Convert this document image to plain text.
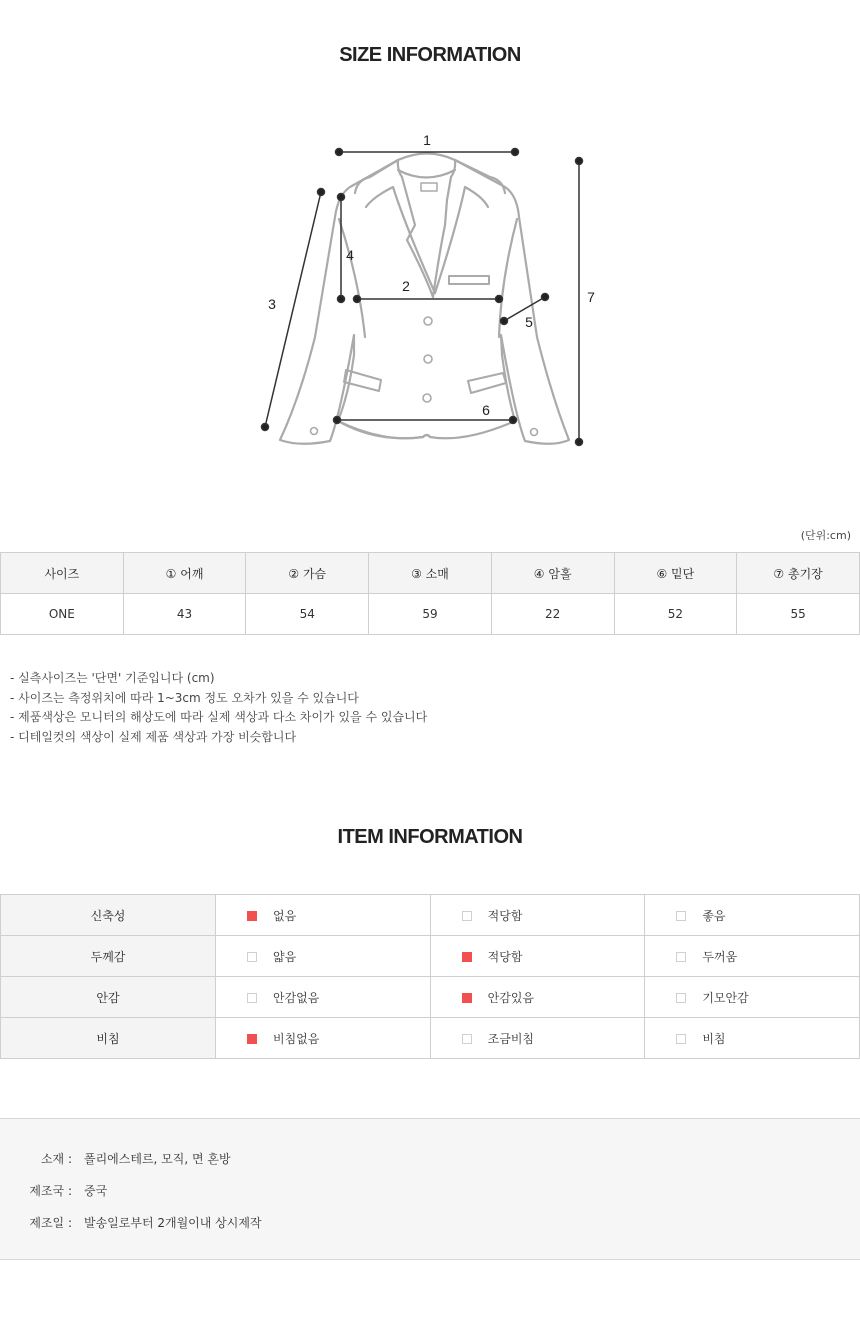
SIZE INFORMATION
1
2
3
4
5
6
7
(단위:cm)
사이즈	① 어깨	② 가슴	③ 소매	④ 암홀	⑥ 밑단	⑦ 총기장
ONE	43	54	59	22	52	55
- 실측사이즈는 '단면' 기준입니다 (cm)
- 사이즈는 측정위치에 따라 1~3cm 정도 오차가 있을 수 있습니다
- 제품색상은 모니터의 해상도에 따라 실제 색상과 다소 차이가 있을 수 있습니다
- 디테일컷의 색상이 실제 제품 색상과 가장 비슷합니다
ITEM INFORMATION
신축성	없음	적당함	좋음
두께감	얇음	적당함	두꺼움
안감	안감없음	안감있음	기모안감
비침	비침없음	조금비침	비침
소재 : 폴리에스테르, 모직, 면 혼방
제조국 : 중국
제조일 : 발송일로부터 2개월이내 상시제작
